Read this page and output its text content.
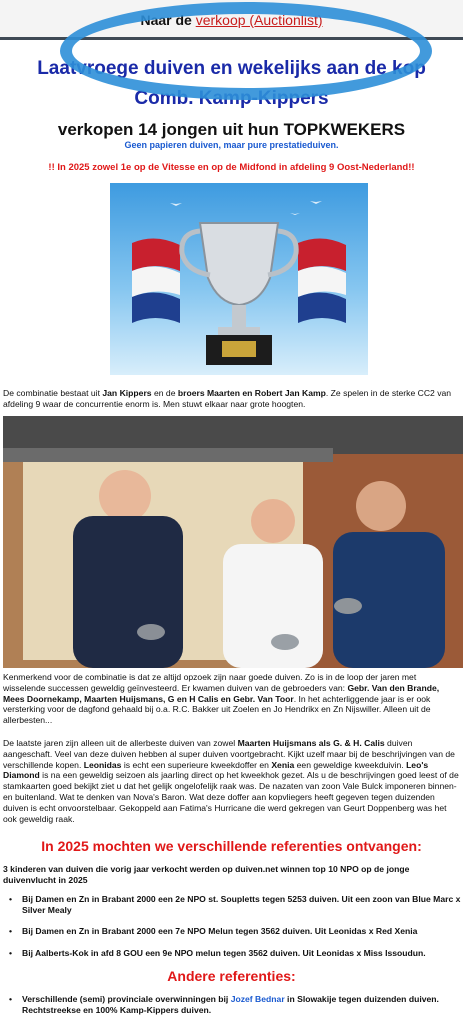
Naar de verkoop (Auctionlist)
Laatvroege duiven en wekelijks aan de kop
Comb. Kamp-Kippers
verkopen 14 jongen uit hun TOPKWEKERS
Geen papieren duiven, maar pure prestatieduiven.
!! In 2025 zowel 1e op de Vitesse en op de Midfond in afdeling 9 Oost-Nederland!!
De combinatie bestaat uit Jan Kippers en de broers Maarten en Robert Jan Kamp. Ze spelen in de sterke CC2 van afdeling 9 waar de concurrentie enorm is. Men stuwt elkaar naar grote hoogten.
Kenmerkend voor de combinatie is dat ze altijd opzoek zijn naar goede duiven. Zo is in de loop der jaren met wisselende successen geweldig geïnvesteerd. Er kwamen duiven van de gebroeders van: Gebr. Van den Brande, Mees Doornekamp, Maarten Huijsmans, G en H Calis en Gebr. Van Toor. In het achterliggende jaar is er ook versterking voor de dagfond gehaald bij o.a. R.C. Bakker uit Zoelen en Jo Hendrikx en Zn Nijswiller. Alleen uit de allerbesten...
De laatste jaren zijn alleen uit de allerbeste duiven van zowel Maarten Huijsmans als G. & H. Calis duiven aangeschaft. Veel van deze duiven hebben al super duiven voortgebracht. Kijkt uzelf maar bij de beschrijvingen van de verschillende kopen. Leonidas is echt een superieure kweekdoffer en Xenia een geweldige kweekduivin. Leo's Diamond is na een geweldig seizoen als jaarling direct op het kweekhok gezet. Als u de beschrijvingen goed leest of de stamkaarten goed bekijkt ziet u dat het gelijk ongelofelijk raak was. De nazaten van zoon Vale Bulck imponeren binnen- en buitenland. Wat te denken van Nova's Baron. Wat deze doffer aan kopvliegers heeft gegeven tegen duizenden duiven is echt onvoorstelbaar. Gekoppeld aan Fatima's Hurricane die werd gekregen van Geurt Doppenberg was het ook geweldig raak.
In 2025 mochten we verschillende referenties ontvangen:
3 kinderen van duiven die vorig jaar verkocht werden op duiven.net winnen top 10 NPO op de jonge duivenvlucht in 2025
• Bij Damen en Zn in Brabant 2000 een 2e NPO st. Soupletts tegen 5253 duiven. Uit een zoon van Blue Marc x Silver Mealy
• Bij Damen en Zn in Brabant 2000 een 7e NPO Melun tegen 3562 duiven. Uit Leonidas x Red Xenia
• Bij Aalberts-Kok in afd 8 GOU een 9e NPO melun tegen 3562 duiven. Uit Leonidas x Miss Issoudun.
Andere referenties:
• Verschillende (semi) provinciale overwinningen bij Jozef Bednar in Slowakije tegen duizenden duiven. Rechtstreekse en 100% Kamp-Kippers duiven.
